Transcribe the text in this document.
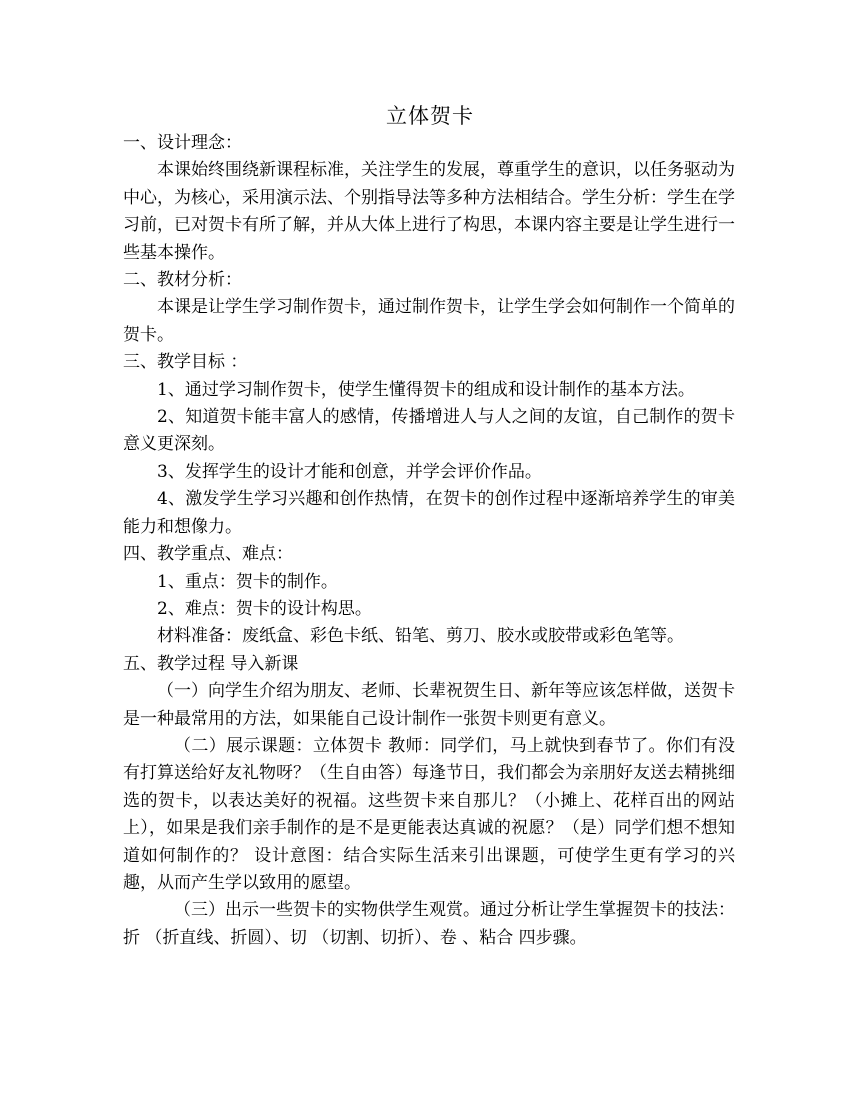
立体贺卡

一、设计理念：

本课始终围绕新课程标准，关注学生的发展，尊重学生的意识，以任务驱动为中心，为核心，采用演示法、个别指导法等多种方法相结合。学生分析：学生在学习前，已对贺卡有所了解，并从大体上进行了构思，本课内容主要是让学生进行一些基本操作。

二、教材分析：

本课是让学生学习制作贺卡，通过制作贺卡，让学生学会如何制作一个简单的贺卡。

三、教学目标 ：

1、通过学习制作贺卡，使学生懂得贺卡的组成和设计制作的基本方法。

2、知道贺卡能丰富人的感情，传播增进人与人之间的友谊，自己制作的贺卡意义更深刻。

3、发挥学生的设计才能和创意，并学会评价作品。

4、激发学生学习兴趣和创作热情，在贺卡的创作过程中逐渐培养学生的审美能力和想像力。

四、教学重点、难点：

1、重点：贺卡的制作。

2、难点：贺卡的设计构思。

材料准备：废纸盒、彩色卡纸、铅笔、剪刀、胶水或胶带或彩色笔等。

五、教学过程 导入新课

（一）向学生介绍为朋友、老师、长辈祝贺生日、新年等应该怎样做，送贺卡是一种最常用的方法，如果能自己设计制作一张贺卡则更有意义。

（二）展示课题：立体贺卡 教师：同学们，马上就快到春节了。你们有没有打算送给好友礼物呀？（生自由答）每逢节日，我们都会为亲朋好友送去精挑细选的贺卡，以表达美好的祝福。这些贺卡来自那儿？（小摊上、花样百出的网站上），如果是我们亲手制作的是不是更能表达真诚的祝愿？（是）同学们想不想知道如何制作的？ 设计意图：结合实际生活来引出课题，可使学生更有学习的兴趣，从而产生学以致用的愿望。

（三）出示一些贺卡的实物供学生观赏。通过分析让学生掌握贺卡的技法：折 （折直线、折圆）、切 （切割、切折）、卷 、粘合 四步骤。
